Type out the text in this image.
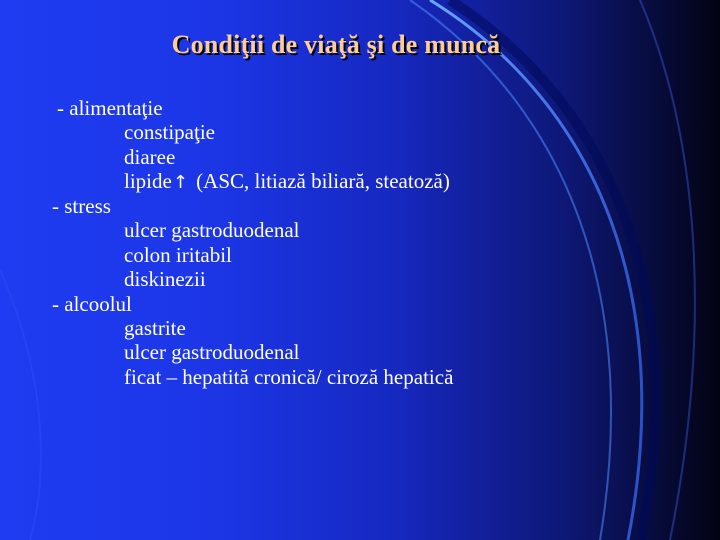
Condiţii de viaţă şi de muncă
- alimentaţie
constipaţie
diaree
lipide↑ (ASC, litiază biliară, steatoză)
- stress
ulcer gastroduodenal
colon iritabil
diskinezii
- alcoolul
gastrite
ulcer gastroduodenal
ficat – hepatită cronică/ ciroză hepatică
